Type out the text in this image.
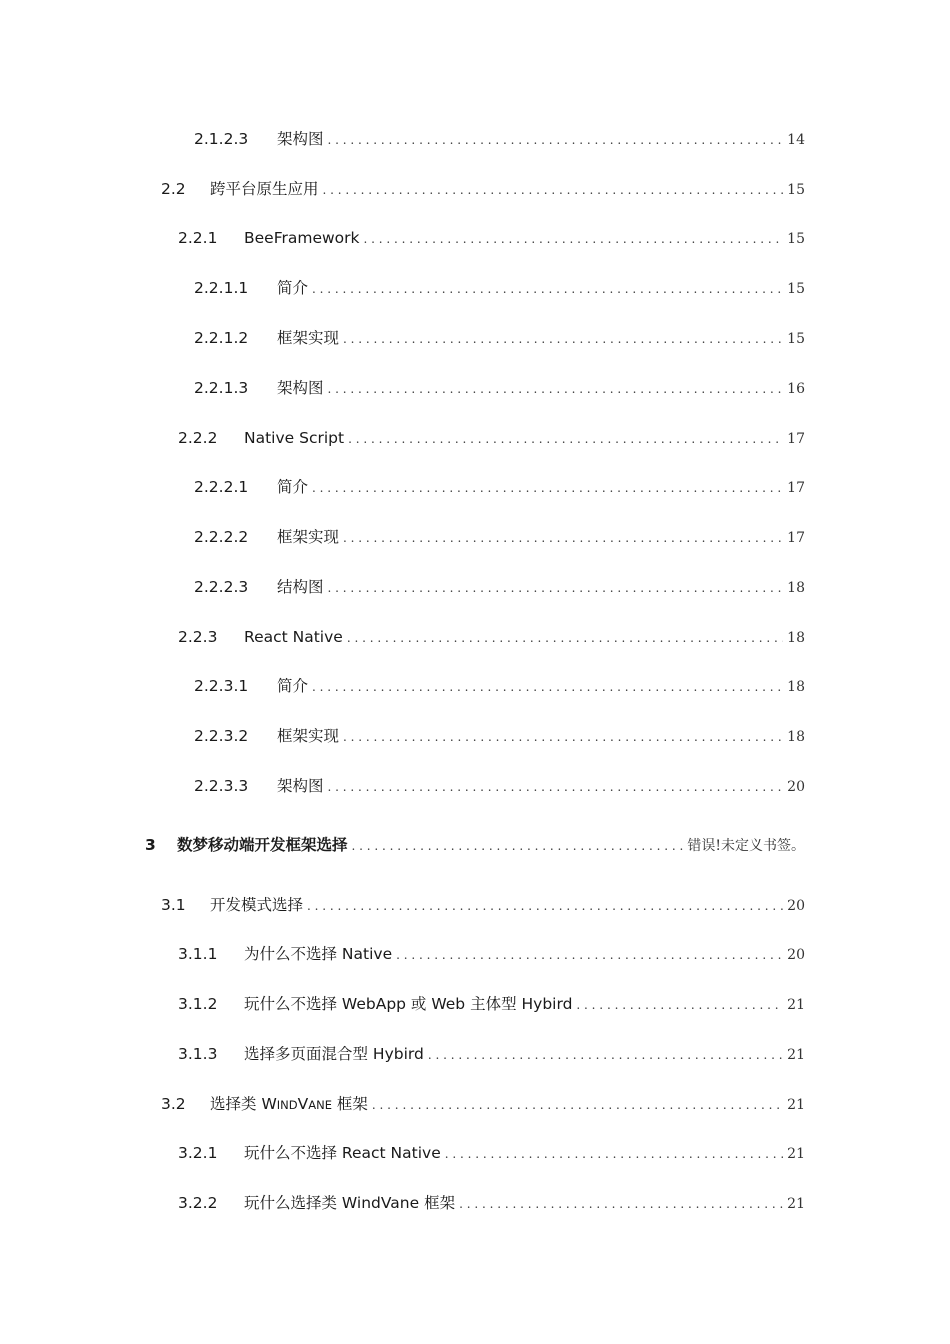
2.1.2.3	架构图 . . .	14
2.2	跨平台原生应用 . . .	15
2.2.1	BeeFramework . . .	15
2.2.1.1	简介 . . .	15
2.2.1.2	框架实现 . . .	15
2.2.1.3	架构图 . . .	16
2.2.2	Native Script . . .	17
2.2.2.1	简介 . . .	17
2.2.2.2	框架实现 . . .	17
2.2.2.3	结构图 . . .	18
2.2.3	React Native . . .	18
2.2.3.1	简介 . . .	18
2.2.3.2	框架实现 . . .	18
2.2.3.3	架构图 . . .	20
3	数梦移动端开发框架选择 . . .	错误!未定义书签。
3.1	开发模式选择 . . .	20
3.1.1	为什么不选择 Native . . .	20
3.1.2	玩什么不选择 WebApp 或 Web 主体型 Hybird . . .	21
3.1.3	选择多页面混合型 Hybird . . .	21
3.2	选择类 WINDVANE 框架 . . .	21
3.2.1	玩什么不选择 React Native . . .	21
3.2.2	玩什么选择类 WindVane 框架 . . .	21
